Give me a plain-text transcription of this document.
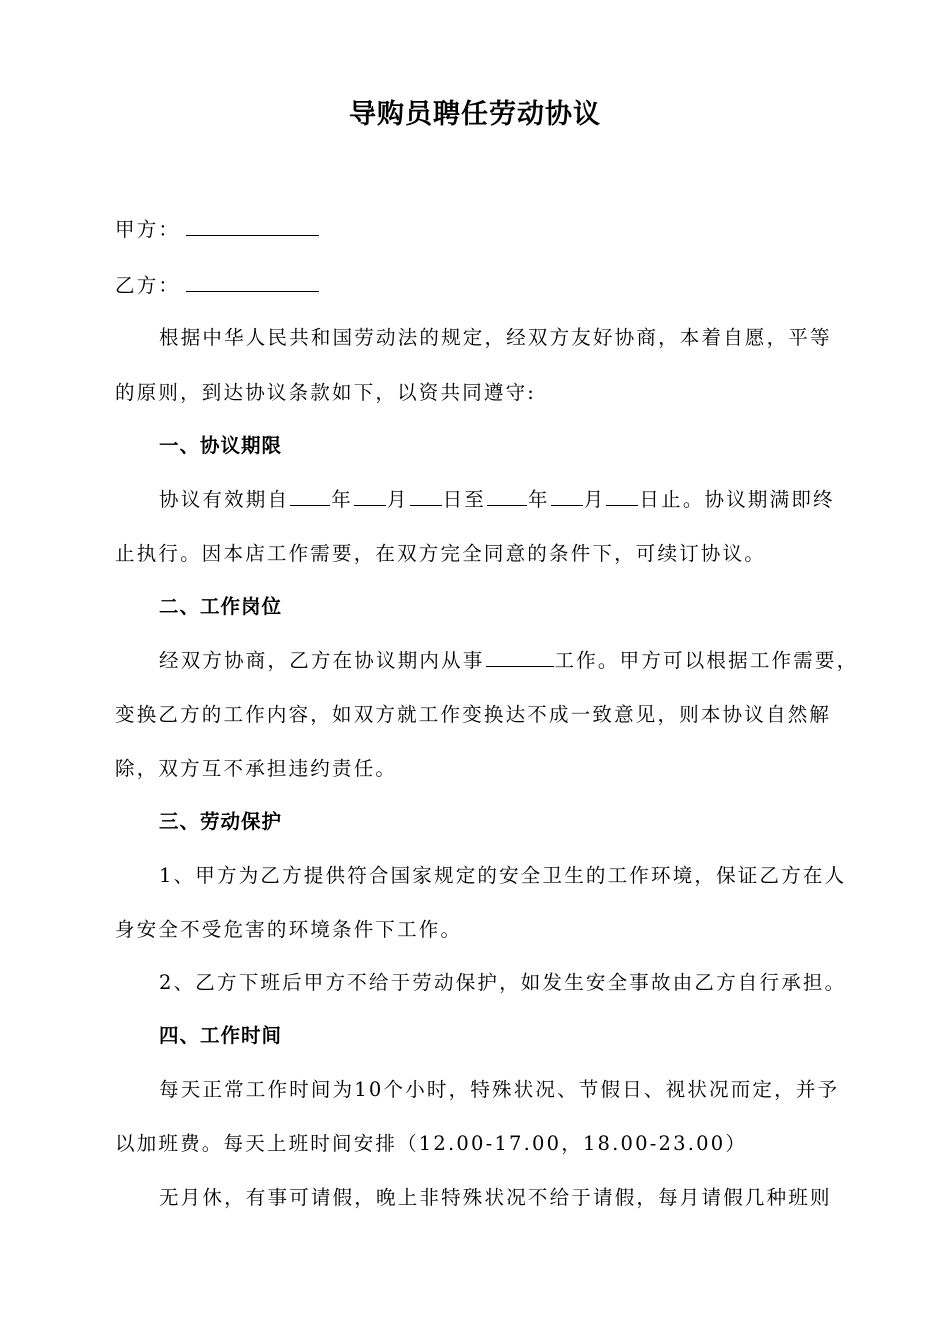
导购员聘任劳动协议
甲方：
乙方：
根据中华人民共和国劳动法的规定，经双方友好协商，本着自愿，平等
的原则，到达协议条款如下，以资共同遵守:
一、协议期限
协议有效期自 年 月 日至 年 月 日止。协议期满即终
止执行。因本店工作需要，在双方完全同意的条件下，可续订协议。
二、工作岗位
经双方协商，乙方在协议期内从事	工作。甲方可以根据工作需要，
变换乙方的工作内容，如双方就工作变换达不成一致意见，则本协议自然解
除，双方互不承担违约责任。
三、劳动保护
1、甲方为乙方提供符合国家规定的安全卫生的工作环境，保证乙方在人
身安全不受危害的环境条件下工作。
2、乙方下班后甲方不给于劳动保护，如发生安全事故由乙方自行承担。
四、工作时间
每天正常工作时间为10个小时，特殊状况、节假日、视状况而定，并予
以加班费。每天上班时间安排（12.00-17.00，18.00-23.00）
无月休，有事可请假，晚上非特殊状况不给于请假，每月请假几种班则
